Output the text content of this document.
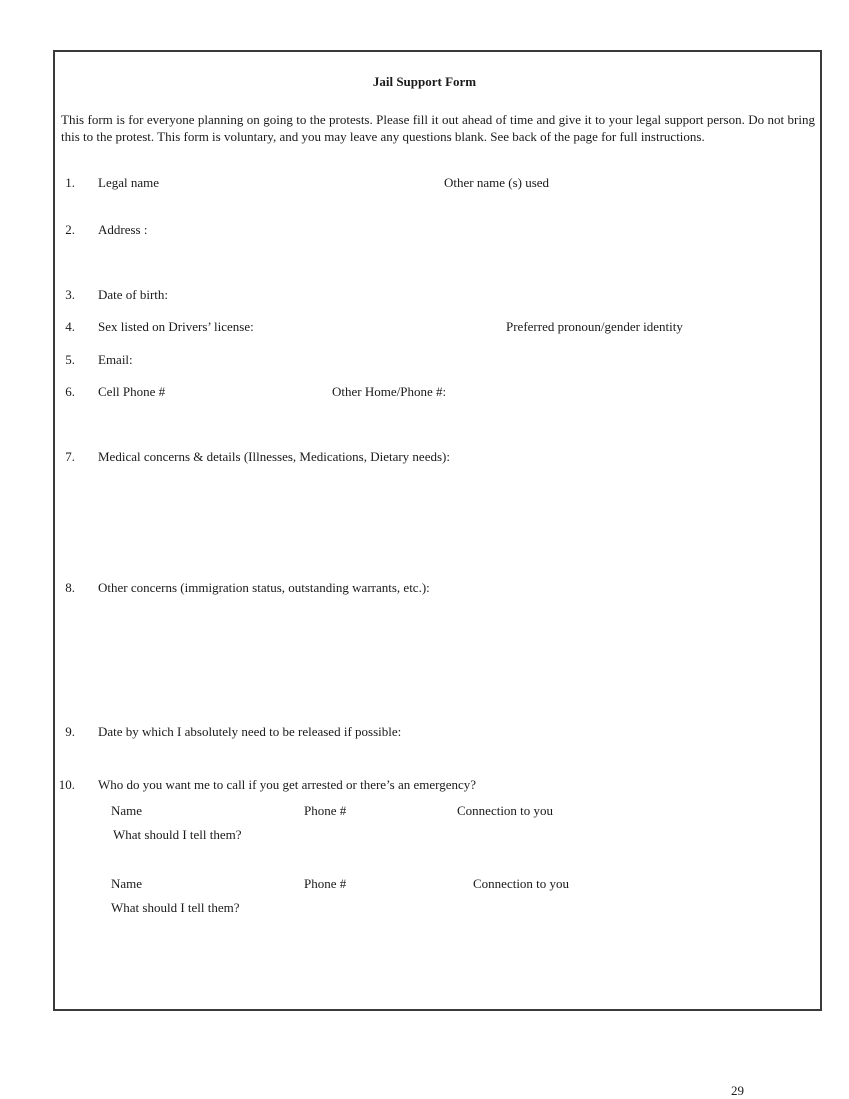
Jail Support Form
This form is for everyone planning on going to the protests. Please fill it out ahead of time and give it to your legal support person. Do not bring this to the protest. This form is voluntary, and you may leave any questions blank. See back of the page for full instructions.
1. Legal name	Other name (s) used
2. Address :
3. Date of birth:
4. Sex listed on Drivers’ license:	Preferred pronoun/gender identity
5. Email:
6. Cell Phone #	Other Home/Phone #:
7. Medical concerns & details (Illnesses, Medications, Dietary needs):
8. Other concerns (immigration status, outstanding warrants, etc.):
9. Date by which I absolutely need to be released if possible:
10. Who do you want me to call if you get arrested or there’s an emergency?
Name	Phone #	Connection to you
What should I tell them?
Name	Phone #	Connection to you
What should I tell them?
29
